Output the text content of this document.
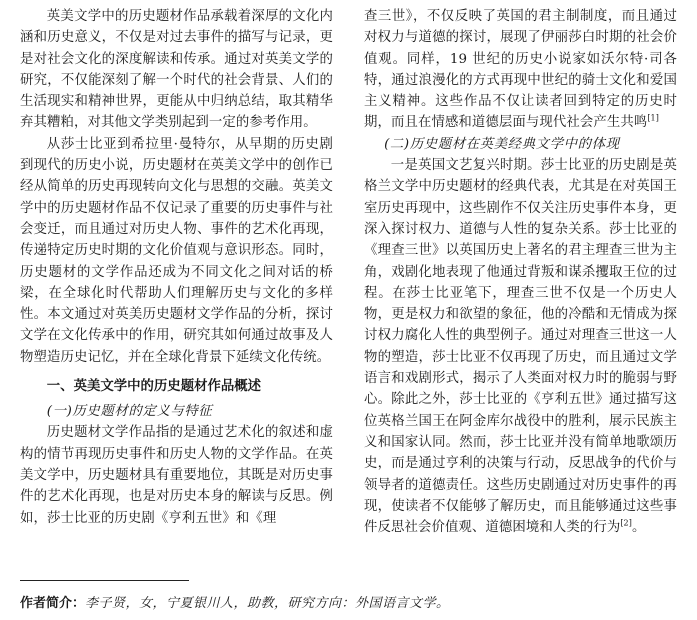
英美文学中的历史题材作品承载着深厚的文化内涵和历史意义，不仅是对过去事件的描写与记录，更是对社会文化的深度解读和传承。通过对英美文学的研究，不仅能深刻了解一个时代的社会背景、人们的生活现实和精神世界，更能从中归纳总结，取其精华弃其糟粕，对其他文学类别起到一定的参考作用。

从莎士比亚到希拉里·曼特尔，从早期的历史剧到现代的历史小说，历史题材在英美文学中的创作已经从简单的历史再现转向文化与思想的交融。英美文学中的历史题材作品不仅记录了重要的历史事件与社会变迁，而且通过对历史人物、事件的艺术化再现，传递特定历史时期的文化价值观与意识形态。同时，历史题材的文学作品还成为不同文化之间对话的桥梁，在全球化时代帮助人们理解历史与文化的多样性。本文通过对英美历史题材文学作品的分析，探讨文学在文化传承中的作用，研究其如何通过故事及人物塑造历史记忆，并在全球化背景下延续文化传统。

一、英美文学中的历史题材作品概述
(一)历史题材的定义与特征

历史题材文学作品指的是通过艺术化的叙述和虚构的情节再现历史事件和历史人物的文学作品。在英美文学中，历史题材具有重要地位，其既是对历史事件的艺术化再现，也是对历史本身的解读与反思。例如，莎士比亚的历史剧《亨利五世》和《理

查三世》，不仅反映了英国的君主制制度，而且通过对权力与道德的探讨，展现了伊丽莎白时期的社会价值观。同样，19 世纪的历史小说家如沃尔特·司各特，通过浪漫化的方式再现中世纪的骑士文化和爱国主义精神。这些作品不仅让读者回到特定的历史时期，而且在情感和道德层面与现代社会产生共鸣[1]

(二)历史题材在英美经典文学中的体现

一是英国文艺复兴时期。莎士比亚的历史剧是英格兰文学中历史题材的经典代表，尤其是在对英国王室历史再现中，这些剧作不仅关注历史事件本身，更深入探讨权力、道德与人性的复杂关系。莎士比亚的《理查三世》以英国历史上著名的君主理查三世为主角，戏剧化地表现了他通过背叛和谋杀攫取王位的过程。在莎士比亚笔下，理查三世不仅是一个历史人物，更是权力和欲望的象征，他的冷酷和无情成为探讨权力腐化人性的典型例子。通过对理查三世这一人物的塑造，莎士比亚不仅再现了历史，而且通过文学语言和戏剧形式，揭示了人类面对权力时的脆弱与野心。除此之外，莎士比亚的《亨利五世》通过描写这位英格兰国王在阿金库尔战役中的胜利，展示民族主义和国家认同。然而，莎士比亚并没有简单地歌颂历史，而是通过亨利的决策与行动，反思战争的代价与领导者的道德责任。这些历史剧通过对历史事件的再现，使读者不仅能够了解历史，而且能够通过这些事件反思社会价值观、道德困境和人类的行为[2]。

作者简介：李子贤，女，宁夏银川人，助教，研究方向：外国语言文学。
